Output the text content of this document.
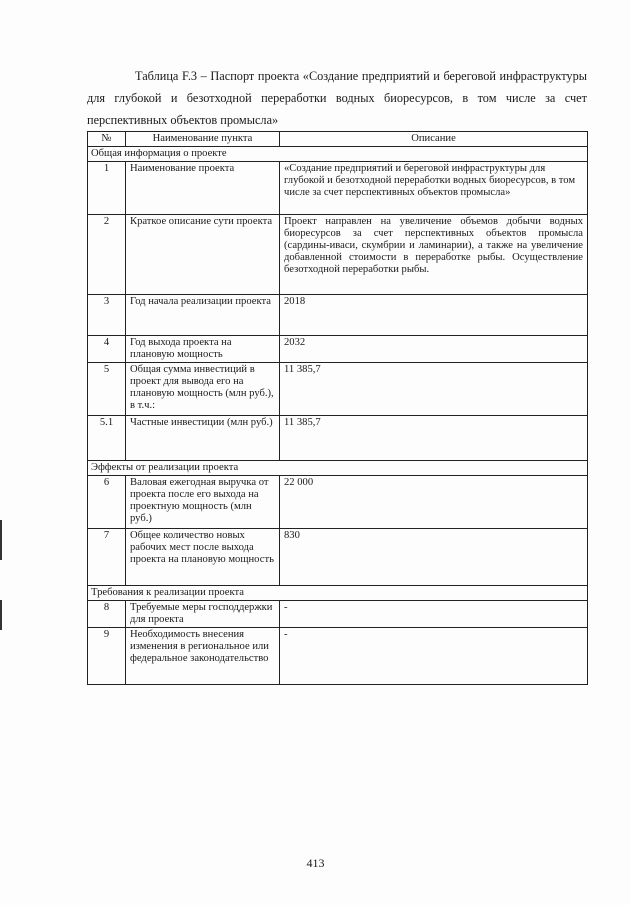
Таблица F.3 – Паспорт проекта «Создание предприятий и береговой инфраструктуры для глубокой и безотходной переработки водных биоресурсов, в том числе за счет перспективных объектов промысла»
№	Наименование пункта	Описание
Общая информация о проекте		
1	Наименование проекта	«Создание предприятий и береговой инфраструктуры для глубокой и безотходной переработки водных биоресурсов, в том числе за счет перспективных объектов промысла»
2	Краткое описание сути проекта	Проект направлен на увеличение объемов добычи водных биоресурсов за счет перспективных объектов промысла (сардины-иваси, скумбрии и ламинарии), а также на увеличение добавленной стоимости в переработке рыбы. Осуществление безотходной переработки рыбы.
3	Год начала реализации проекта	2018
4	Год выхода проекта на плановую мощность	2032
5	Общая сумма инвестиций в проект для вывода его на плановую мощность (млн руб.), в т.ч.:	11 385,7
5.1	Частные инвестиции (млн руб.)	11 385,7
Эффекты от реализации проекта		
6	Валовая ежегодная выручка от проекта после его выхода на проектную мощность (млн руб.)	22 000
7	Общее количество новых рабочих мест после выхода проекта на плановую мощность	830
Требования к реализации проекта		
8	Требуемые меры господдержки для проекта	-
9	Необходимость внесения изменения в региональное или федеральное законодательство	-
413
